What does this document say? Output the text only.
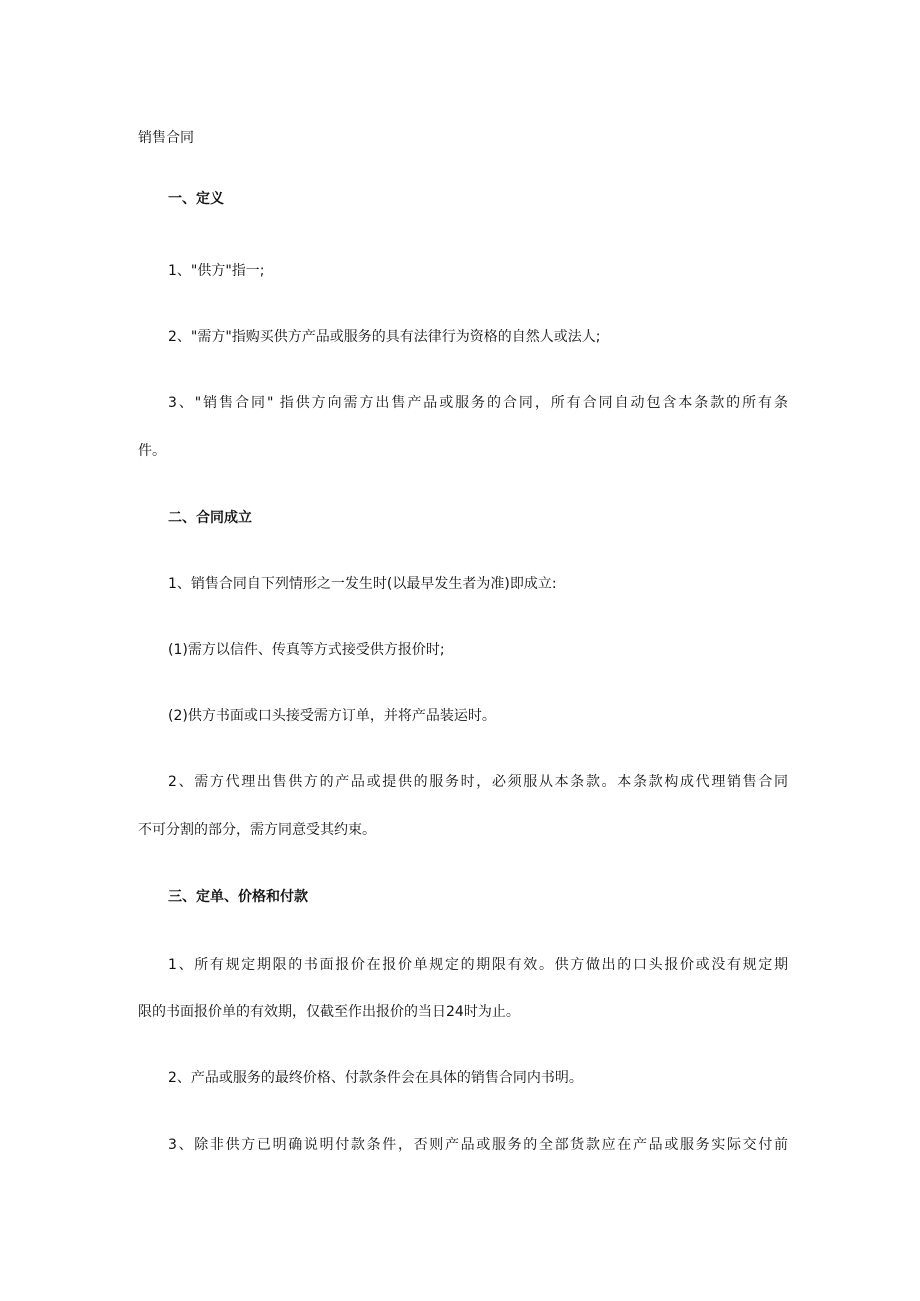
销售合同
一、定义
1、"供方"指一;
2、"需方"指购买供方产品或服务的具有法律行为资格的自然人或法人;
3、"销售合同" 指供方向需方出售产品或服务的合同，所有合同自动包含本条款的所有条
件。
二、合同成立
1、销售合同自下列情形之一发生时(以最早发生者为准)即成立:
(1)需方以信件、传真等方式接受供方报价时;
(2)供方书面或口头接受需方订单，并将产品装运时。
2、需方代理出售供方的产品或提供的服务时，必须服从本条款。本条款构成代理销售合同
不可分割的部分，需方同意受其约束。
三、定单、价格和付款
1、所有规定期限的书面报价在报价单规定的期限有效。供方做出的口头报价或没有规定期
限的书面报价单的有效期，仅截至作出报价的当日24时为止。
2、产品或服务的最终价格、付款条件会在具体的销售合同内书明。
3、除非供方已明确说明付款条件，否则产品或服务的全部货款应在产品或服务实际交付前
